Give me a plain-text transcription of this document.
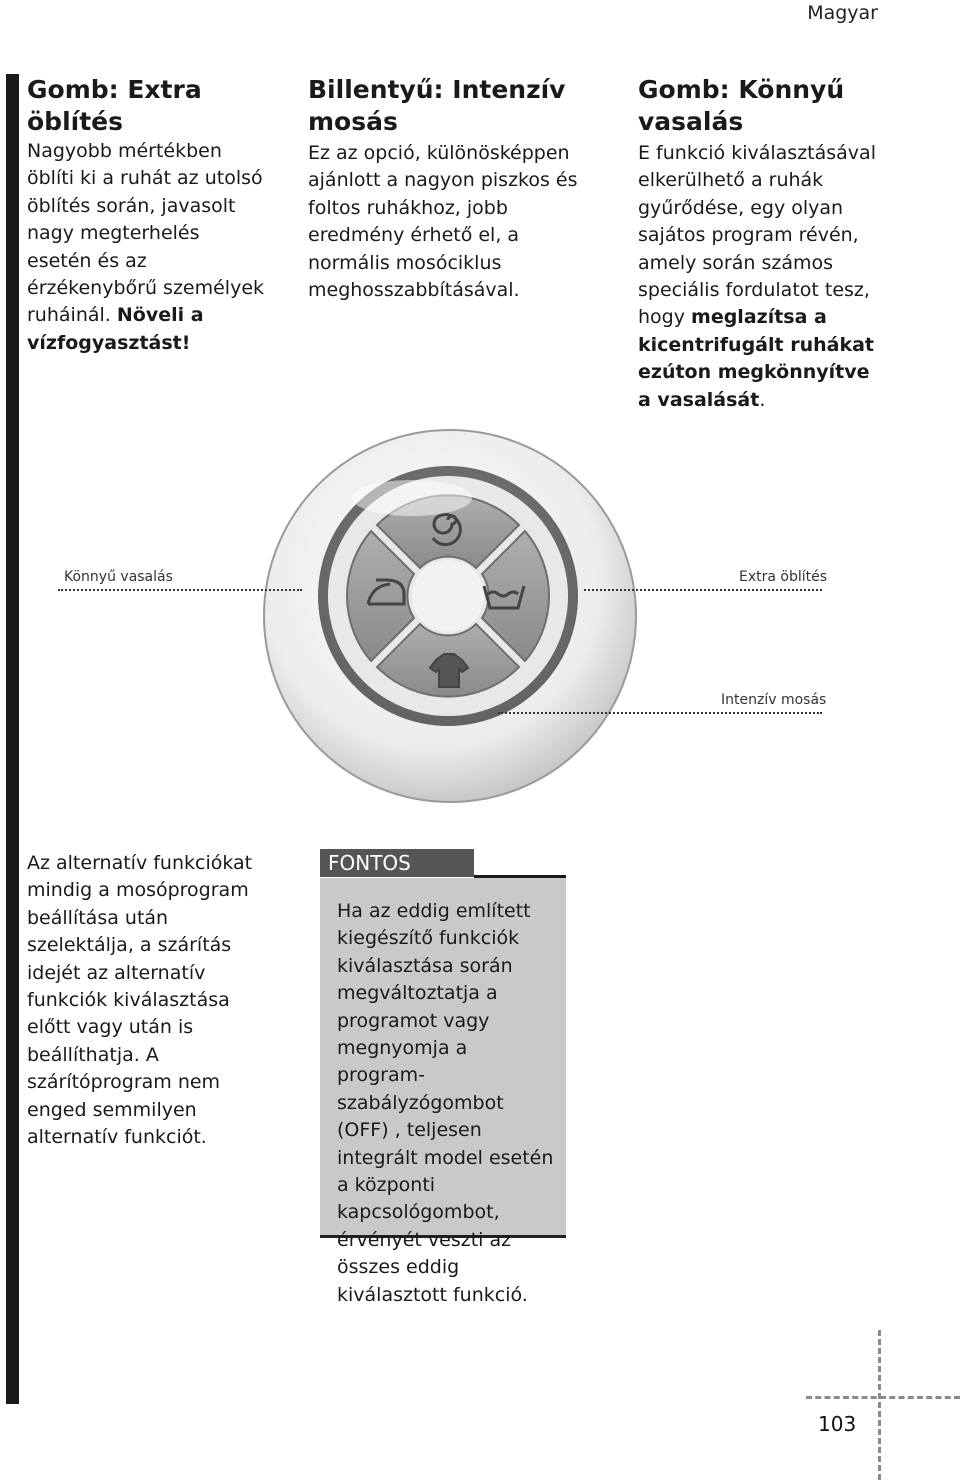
Magyar
Gomb: Extra öblítés

Nagyobb mértékben öblíti ki a ruhát az utolsó öblítés során, javasolt nagy megterhelés esetén és az érzékenybőrű személyek ruháinál. Növeli a vízfogyasztást!

Billentyű: Intenzív mosás

Ez az opció, különösképpen ajánlott a nagyon piszkos és foltos ruhákhoz, jobb eredmény érhető el, a normális mosóciklus meghosszabbításával.

Gomb: Könnyű vasalás

E funkció kiválasztásával elkerülhető a ruhák gyűrődése, egy olyan sajátos program révén, amely során számos speciális fordulatot tesz, hogy meglazítsa a kicentrifugált ruhákat ezúton megkönnyítve a vasalását.

Könnyű vasalás	Extra öblítés
Intenzív mosás
Az alternatív funkciókat mindig a mosóprogram beállítása után szelektálja, a szárítás idejét az alternatív funkciók kiválasztása előtt vagy után is beállíthatja. A szárítóprogram nem enged semmilyen alternatív funkciót.
FONTOS
Ha az eddig említett kiegészítő funkciók kiválasztása során megváltoztatja a programot vagy megnyomja a program-szabályzógombot (OFF) , teljesen integrált model esetén a központi kapcsológombot, érvényét veszti az összes eddig kiválasztott funkció.
103
